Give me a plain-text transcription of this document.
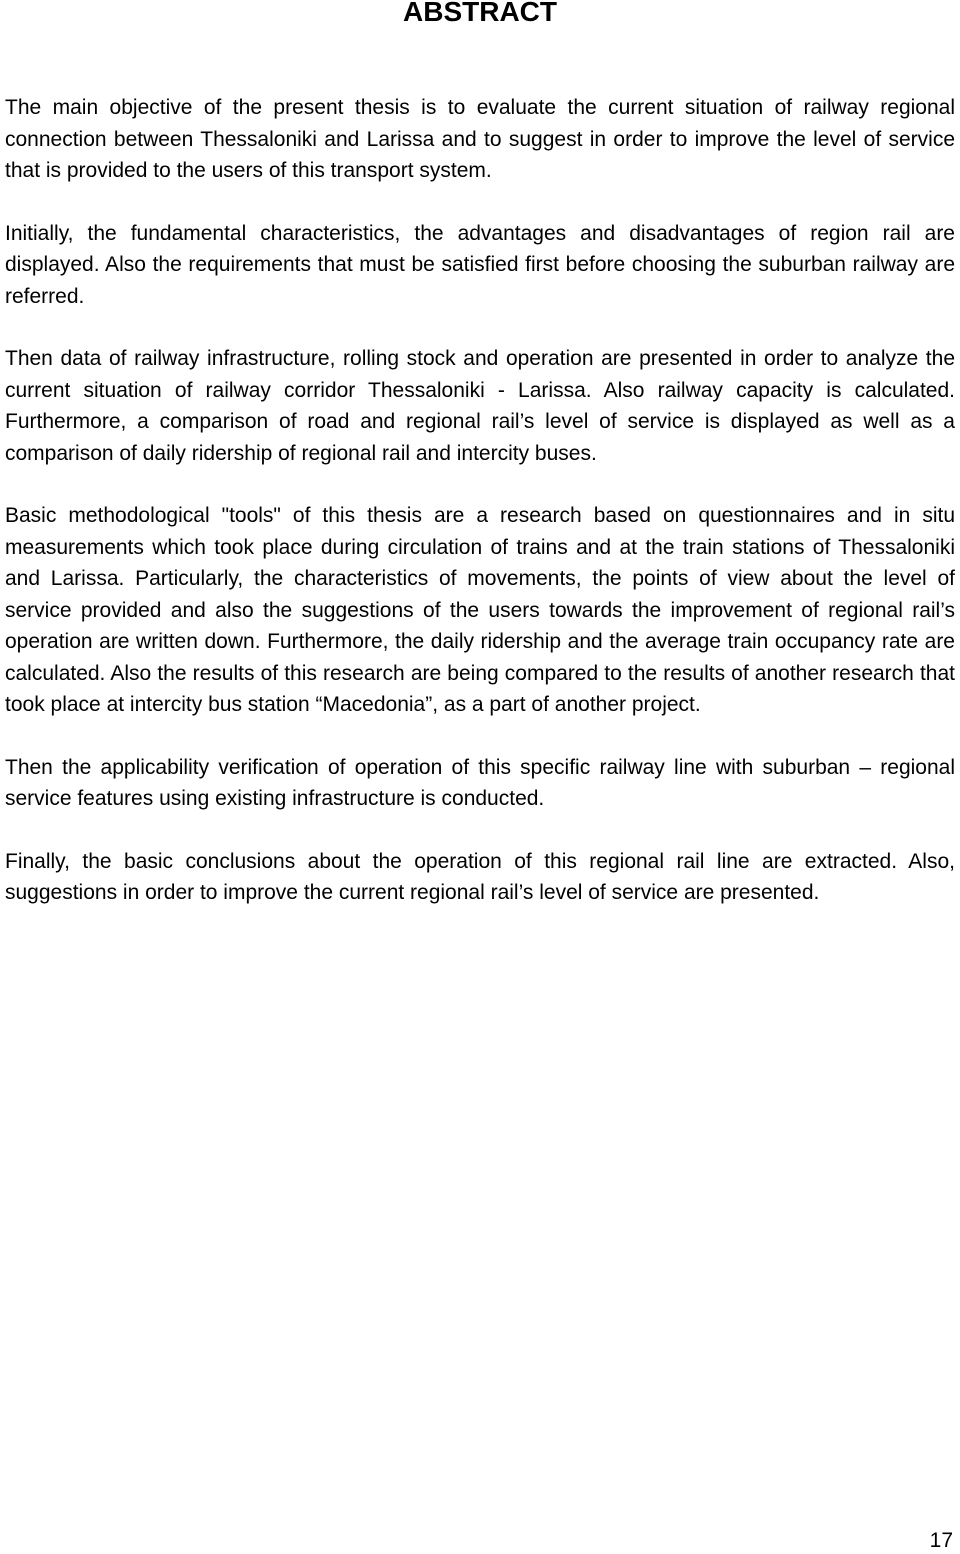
ABSTRACT

The main objective of the present thesis is to evaluate the current situation of railway regional connection between Thessaloniki and Larissa and to suggest in order to improve the level of service that is provided to the users of this transport system.

Initially, the fundamental characteristics, the advantages and disadvantages of region rail are displayed. Also the requirements that must be satisfied first before choosing the suburban railway are referred.

Then data of railway infrastructure, rolling stock and operation are presented in order to analyze the current situation of railway corridor Thessaloniki - Larissa. Also railway capacity is calculated. Furthermore, a comparison of road and regional rail’s level of service is displayed as well as a comparison of daily ridership of regional rail and intercity buses.

Basic methodological "tools" of this thesis are a research based on questionnaires and in situ measurements which took place during circulation of trains and at the train stations of Thessaloniki and Larissa. Particularly, the characteristics of movements, the points of view about the level of service provided and also the suggestions of the users towards the improvement of regional rail’s operation are written down. Furthermore, the daily ridership and the average train occupancy rate are calculated. Also the results of this research are being compared to the results of another research that took place at intercity bus station “Macedonia”, as a part of another project.

Then the applicability verification of operation of this specific railway line with suburban – regional service features using existing infrastructure is conducted.

Finally, the basic conclusions about the operation of this regional rail line are extracted. Also, suggestions in order to improve the current regional rail’s level of service are presented.

17
